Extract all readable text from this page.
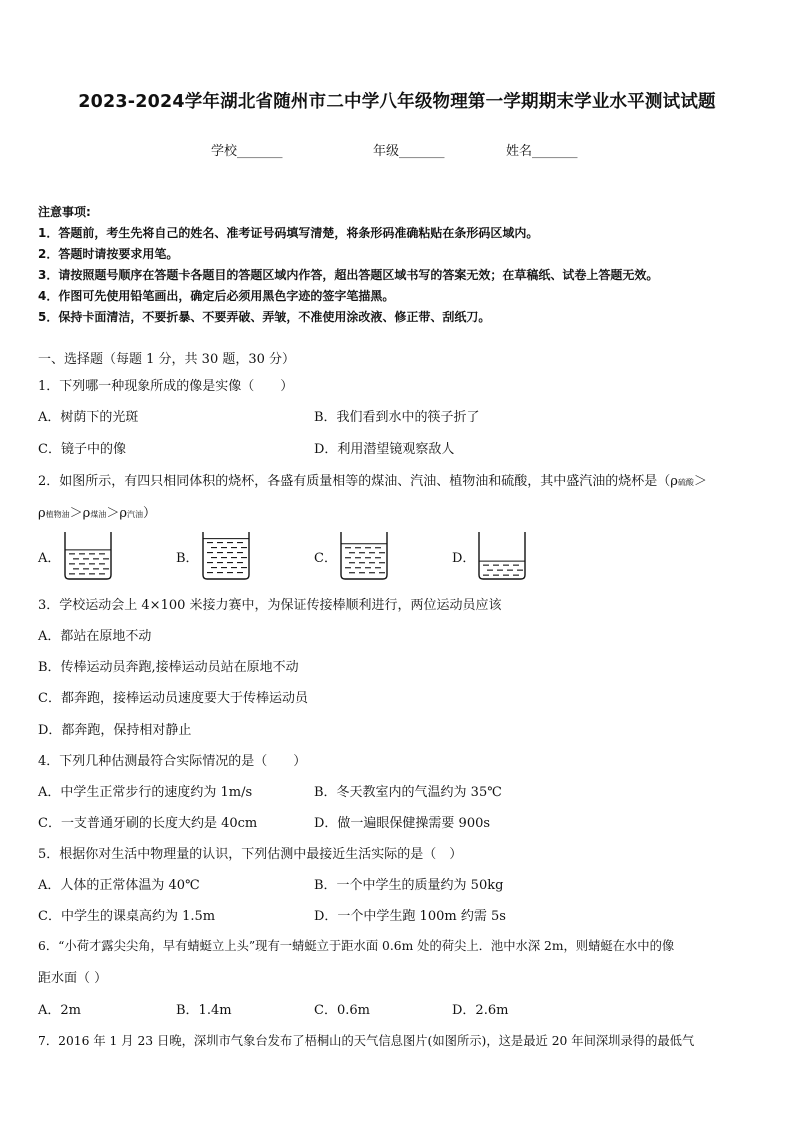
2023-2024学年湖北省随州市二中学八年级物理第一学期期末学业水平测试试题
学校_______	年级_______	姓名_______
注意事项:
1．答题前，考生先将自己的姓名、准考证号码填写清楚，将条形码准确粘贴在条形码区域内。
2．答题时请按要求用笔。
3．请按照题号顺序在答题卡各题目的答题区域内作答，超出答题区域书写的答案无效；在草稿纸、试卷上答题无效。
4．作图可先使用铅笔画出，确定后必须用黑色字迹的签字笔描黑。
5．保持卡面清洁，不要折暴、不要弄破、弄皱，不准使用涂改液、修正带、刮纸刀。
一、选择题（每题 1 分，共 30 题，30 分）
1．下列哪一种现象所成的像是实像（　　）
A．树荫下的光斑	B．我们看到水中的筷子折了
C．镜子中的像	D．利用潜望镜观察敌人
2．如图所示，有四只相同体积的烧杯，各盛有质量相等的煤油、汽油、植物油和硫酸，其中盛汽油的烧杯是（ρ硫酸＞
ρ植物油＞ρ煤油＞ρ汽油）
A．	B．	C．	D．
3．学校运动会上 4×100 米接力赛中，为保证传接棒顺利进行，两位运动员应该
A．都站在原地不动
B．传棒运动员奔跑,接棒运动员站在原地不动
C．都奔跑，接棒运动员速度要大于传棒运动员
D．都奔跑，保持相对静止
4．下列几种估测最符合实际情况的是（　　）
A．中学生正常步行的速度约为 1m/s	B．冬天教室内的气温约为 35℃
C．一支普通牙刷的长度大约是 40cm	D．做一遍眼保健操需要 900s
5．根据你对生活中物理量的认识，下列估测中最接近生活实际的是（　）
A．人体的正常体温为 40℃	B．一个中学生的质量约为 50kg
C．中学生的课桌高约为 1.5m	D．一个中学生跑 100m 约需 5s
6．“小荷才露尖尖角，早有蜻蜓立上头”现有一蜻蜓立于距水面 0.6m 处的荷尖上．池中水深 2m，则蜻蜓在水中的像
距水面（ ）
A．2m	B．1.4m	C．0.6m	D．2.6m
7．2016 年 1 月 23 日晚，深圳市气象台发布了梧桐山的天气信息图片(如图所示)，这是最近 20 年间深圳录得的最低气
